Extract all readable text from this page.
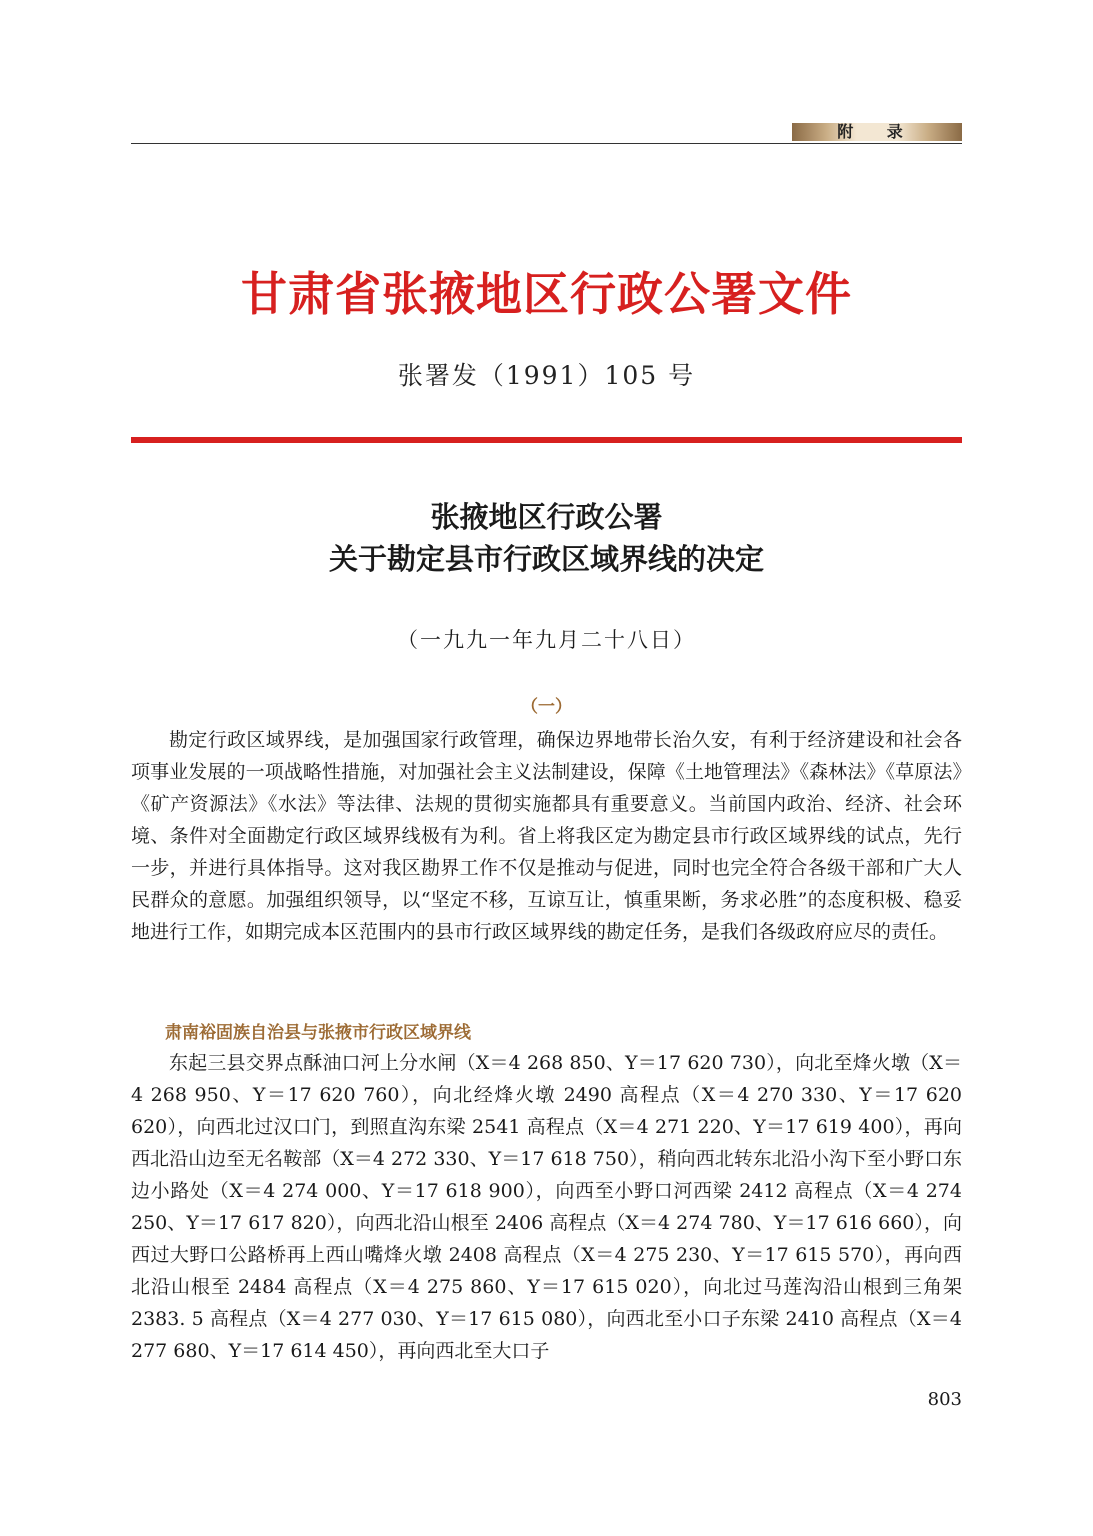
附 录
甘肃省张掖地区行政公署文件
张署发（1991）105 号
张掖地区行政公署
关于勘定县市行政区域界线的决定
（一九九一年九月二十八日）
（一）

勘定行政区域界线，是加强国家行政管理，确保边界地带长治久安，有利于经济建设和社会各项事业发展的一项战略性措施，对加强社会主义法制建设，保障《土地管理法》《森林法》《草原法》《矿产资源法》《水法》等法律、法规的贯彻实施都具有重要意义。当前国内政治、经济、社会环境、条件对全面勘定行政区域界线极有为利。省上将我区定为勘定县市行政区域界线的试点，先行一步，并进行具体指导。这对我区勘界工作不仅是推动与促进，同时也完全符合各级干部和广大人民群众的意愿。加强组织领导，以“坚定不移，互谅互让，慎重果断，务求必胜”的态度积极、稳妥地进行工作，如期完成本区范围内的县市行政区域界线的勘定任务，是我们各级政府应尽的责任。

肃南裕固族自治县与张掖市行政区域界线

东起三县交界点酥油口河上分水闸（X＝4 268 850、Y＝17 620 730），向北至烽火墩（X＝4 268 950、Y＝17 620 760），向北经烽火墩 2490 高程点（X＝4 270 330、Y＝17 620 620），向西北过汉口门，到照直沟东梁 2541 高程点（X＝4 271 220、Y＝17 619 400），再向西北沿山边至无名鞍部（X＝4 272 330、Y＝17 618 750），稍向西北转东北沿小沟下至小野口东边小路处（X＝4 274 000、Y＝17 618 900），向西至小野口河西梁 2412 高程点（X＝4 274 250、Y＝17 617 820），向西北沿山根至 2406 高程点（X＝4 274 780、Y＝17 616 660），向西过大野口公路桥再上西山嘴烽火墩 2408 高程点（X＝4 275 230、Y＝17 615 570），再向西北沿山根至 2484 高程点（X＝4 275 860、Y＝17 615 020），向北过马莲沟沿山根到三角架 2383. 5 高程点（X＝4 277 030、Y＝17 615 080），向西北至小口子东梁 2410 高程点（X＝4 277 680、Y＝17 614 450），再向西北至大口子

803
